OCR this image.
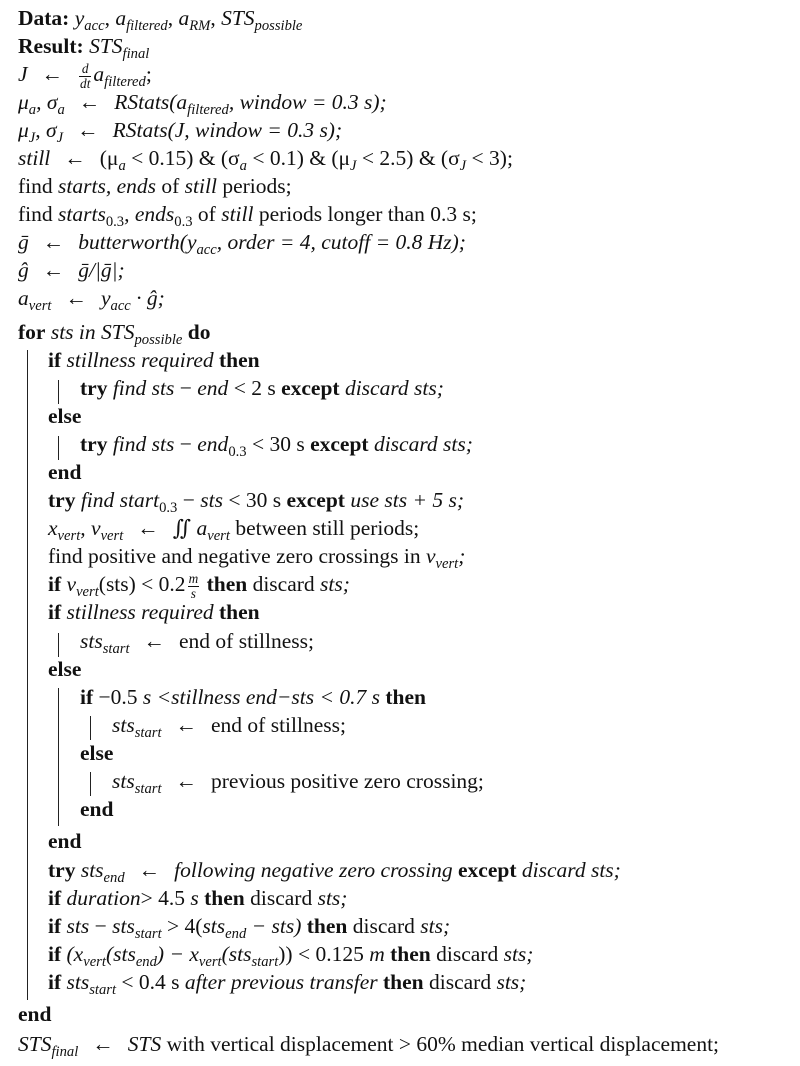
Data: $y_{acc}$, $a_{filtered}$, $a_{RM}$, $STS_{possible}$
Result: $STS_{final}$
J ← $\frac{d}{dt} a_{filtered}$;
$\mu_a$, $\sigma_a$ ← $RStats(a_{filtered}$, window = 0.3 s);
$\mu_J$, $\sigma_J$ ← RStats(J, window = 0.3 s);
still ← $(\mu_a < 0.15)$ & $(\sigma_a < 0.1)$ & $(\mu_J < 2.5)$ & $(\sigma_J < 3)$;
find starts, ends of still periods;
find starts$_{0.3}$, ends$_{0.3}$ of still periods longer than 0.3 s;
ḡ ← $butterworth(y_{acc}$, order = 4, cutoff = 0.8 Hz);
ĝ ← ḡ/|ḡ|;
$a_{vert}$ ← $y_{acc}$ · ĝ;
for sts in $STS_{possible}$ do
if stillness required then
try find sts − end < 2 s except discard sts;
else
try find sts − end$_{0.3}$ < 30 s except discard sts;
end
try find start$_{0.3}$ − sts < 30 s except use sts + 5 s;
$x_{vert}$, $v_{vert}$ ← ∬ $a_{vert}$ between still periods;
find positive and negative zero crossings in $v_{vert}$;
if $v_{vert}(sts) < 0.2 \frac{m}{s}$ then discard sts;
if stillness required then
sts$_{start}$ ← end of stillness;
else
if −0.5 s <stillness end−sts < 0.7 s then
sts$_{start}$ ← end of stillness;
else
sts$_{start}$ ← previous positive zero crossing;
end
end
try sts$_{end}$ ← following negative zero crossing except discard sts;
if duration> 4.5 s then discard sts;
if sts − sts$_{start}$ > 4(sts$_{end}$ − sts) then discard sts;
if $(x_{vert}(sts_{end}) - x_{vert}(sts_{start})) < 0.125$ m then discard sts;
if sts$_{start}$ < 0.4 s after previous transfer then discard sts;
end
$STS_{final}$ ← STS with vertical displacement > 60% median vertical displacement;
